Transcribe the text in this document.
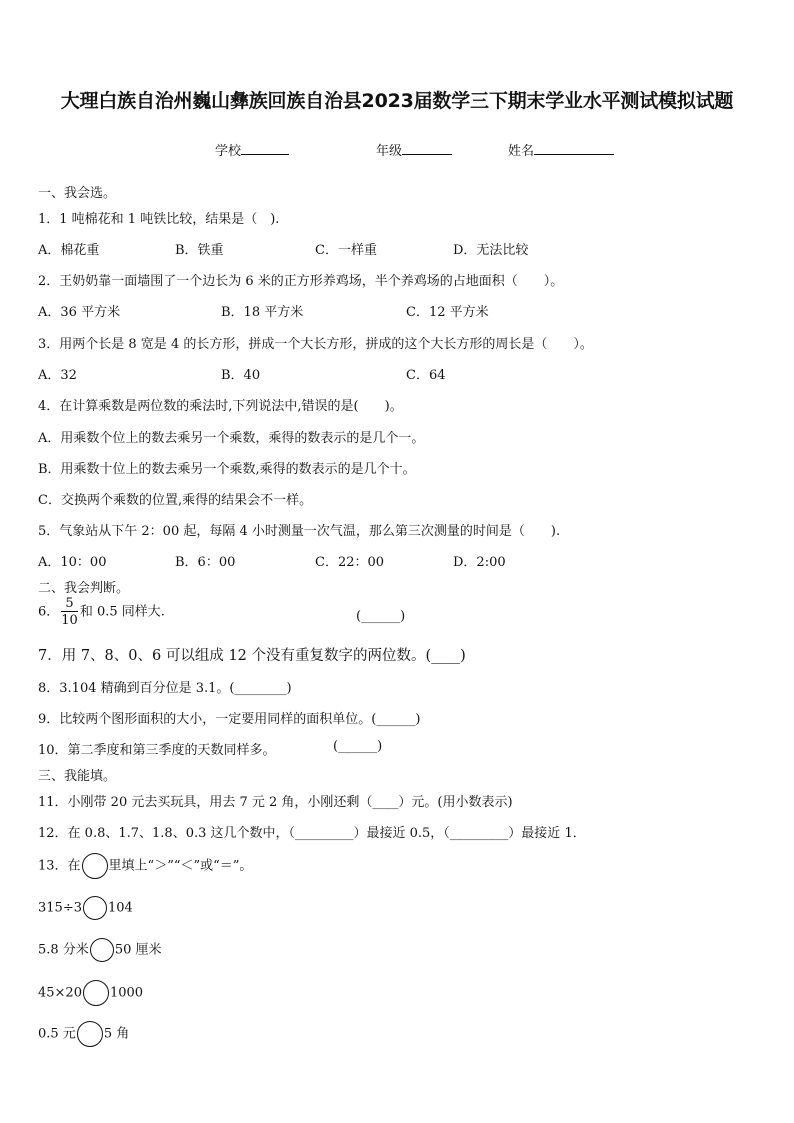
大理白族自治州巍山彝族回族自治县2023届数学三下期末学业水平测试模拟试题
学校	年级	姓名
一、我会选。
1．1 吨棉花和 1 吨铁比较，结果是（　).
A．棉花重	B．铁重	C．一样重	D．无法比较
2．王奶奶靠一面墙围了一个边长为 6 米的正方形养鸡场，半个养鸡场的占地面积（　　）。
A．36 平方米	B．18 平方米	C．12 平方米
3．用两个长是 8 宽是 4 的长方形，拼成一个大长方形，拼成的这个大长方形的周长是（　　）。
A．32	B．40	C．64
4．在计算乘数是两位数的乘法时,下列说法中,错误的是(　　)。
A．用乘数个位上的数去乘另一个乘数，乘得的数表示的是几个一。
B．用乘数十位上的数去乘另一个乘数,乘得的数表示的是几个十。
C．交换两个乘数的位置,乘得的结果会不一样。
5．气象站从下午 2：00 起，每隔 4 小时测量一次气温，那么第三次测量的时间是（　　).
A．10：00	B．6：00	C．22：00	D．2:00
二、我会判断。
6． $\frac{5}{10}$ 和 0.5 同样大.	(______)
7．用 7、8、0、6 可以组成 12 个没有重复数字的两位数。(____)
8．3.104 精确到百分位是 3.1。(________)
9．比较两个图形面积的大小，一定要用同样的面积单位。(______)
10．第二季度和第三季度的天数同样多。	(______)
三、我能填。
11．小刚带 20 元去买玩具，用去 7 元 2 角，小刚还剩（____）元。(用小数表示)
12．在 0.8、1.7、1.8、0.3 这几个数中，（_________）最接近 0.5，（_________）最接近 1．
13．在 里填上“＞”“＜”或“＝”。
315÷3 104
5.8 分米 50 厘米
45×20 1000
0.5 元 5 角
